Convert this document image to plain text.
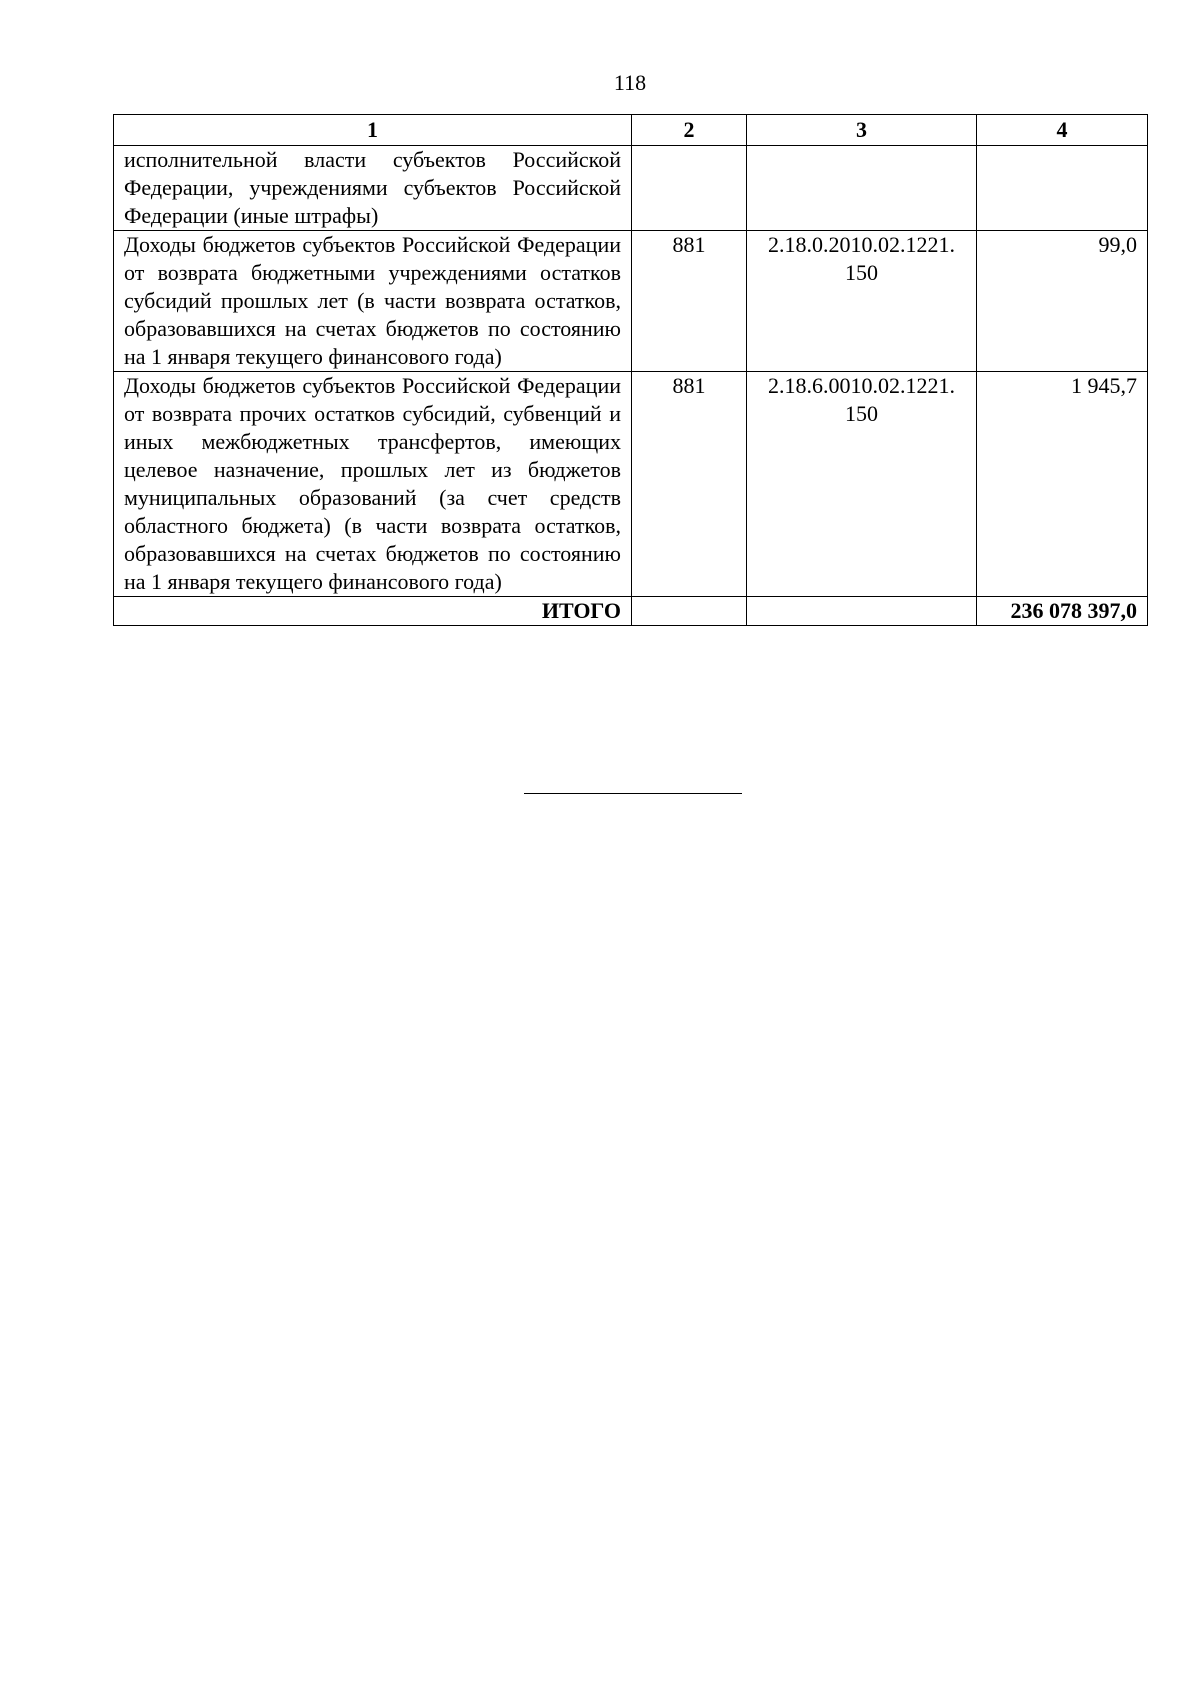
118
1	2	3	4
исполнительной власти субъектов Российской Федерации, учреждениями субъектов Российской Федерации (иные штрафы)			
Доходы бюджетов субъектов Российской Федерации от возврата бюджетными учреждениями остатков субсидий прошлых лет (в части возврата остатков, образовавшихся на счетах бюджетов по состоянию на 1 января текущего финансового года)	881	2.18.0.2010.02.1221. 150	99,0
Доходы бюджетов субъектов Российской Федерации от возврата прочих остатков субсидий, субвенций и иных межбюджетных трансфертов, имеющих целевое назначение, прошлых лет из бюджетов муниципальных образований (за счет средств областного бюджета) (в части возврата остатков, образовавшихся на счетах бюджетов по состоянию на 1 января текущего финансового года)	881	2.18.6.0010.02.1221. 150	1 945,7
ИТОГО			236 078 397,0
